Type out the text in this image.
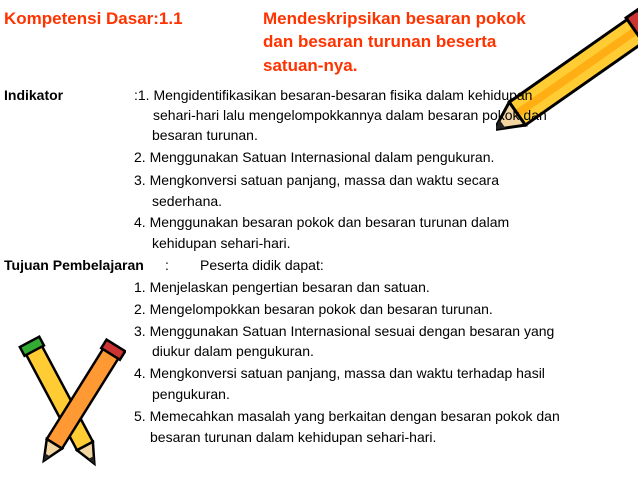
Kompetensi Dasar:1.1	Mendeskripsikan besaran pokok
dan besaran turunan beserta
satuan-nya.
Indikator	:1. Mengidentifikasikan besaran-besaran fisika dalam kehidupan
sehari-hari lalu mengelompokkannya dalam besaran pokok dan
besaran turunan.
2. Menggunakan Satuan Internasional dalam pengukuran.
3. Mengkonversi satuan panjang, massa dan waktu secara
sederhana.
4. Menggunakan besaran pokok dan besaran turunan dalam
kehidupan sehari-hari.
Tujuan Pembelajaran : Peserta didik dapat:
1. Menjelaskan pengertian besaran dan satuan.
2. Mengelompokkan besaran pokok dan besaran turunan.
3. Menggunakan Satuan Internasional sesuai dengan besaran yang
diukur dalam pengukuran.
4. Mengkonversi satuan panjang, massa dan waktu terhadap hasil
pengukuran.
5. Memecahkan masalah yang berkaitan dengan besaran pokok dan
besaran turunan dalam kehidupan sehari-hari.
